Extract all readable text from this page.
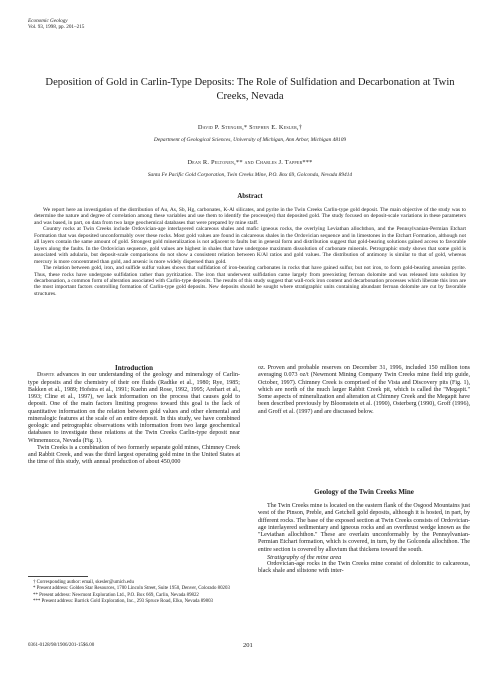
Economic Geology
Vol. 93, 1998, pp. 201–215
Deposition of Gold in Carlin-Type Deposits: The Role of Sulfidation and Decarbonation at Twin Creeks, Nevada
David P. Stenger,* Stephen E. Kesler,†
Department of Geological Sciences, University of Michigan, Ann Arbor, Michigan 48109
Dean R. Peltonen,** and Charles J. Tapper***
Santa Fe Pacific Gold Corporation, Twin Creeks Mine, P.O. Box 69, Golconda, Nevada 89414
Abstract

We report here an investigation of the distribution of Au, As, Sb, Hg, carbonates, K-Al silicates, and pyrite in the Twin Creeks Carlin-type gold deposit. The main objective of the study was to determine the nature and degree of correlation among these variables and use them to identify the process(es) that deposited gold. The study focused on deposit-scale variations in these parameters and was based, in part, on data from two large geochemical databases that were prepared by mine staff.

Country rocks at Twin Creeks include Ordovician-age interlayered calcareous shales and mafic igneous rocks, the overlying Leviathan allochthon, and the Pennsylvanian-Permian Etchart Formation that was deposited unconformably over these rocks. Most gold values are found in calcareous shales in the Ordovician sequence and in limestones in the Etchart Formation, although not all layers contain the same amount of gold. Strongest gold mineralization is not adjacent to faults but in general form and distribution suggest that gold-bearing solutions gained access to favorable layers along the faults. In the Ordovician sequence, gold values are highest in shales that have undergone maximum dissolution of carbonate minerals. Petrographic study shows that some gold is associated with adularia, but deposit-scale comparisons do not show a consistent relation between K/Al ratios and gold values. The distribution of antimony is similar to that of gold, whereas mercury is more concentrated than gold, and arsenic is more widely dispersed than gold.

The relation between gold, iron, and sulfide sulfur values shows that sulfidation of iron-bearing carbonates in rocks that have gained sulfur, but not iron, to form gold-bearing arsenian pyrite. Thus, these rocks have undergone sulfidation rather than pyritization. The iron that underwent sulfidation came largely from preexisting ferroan dolomite and was released into solution by decarbonation, a common form of alteration associated with Carlin-type deposits. The results of this study suggest that wall-rock iron content and decarbonation processes which liberate this iron are the most important factors controlling formation of Carlin-type gold deposits. New deposits should be sought where stratigraphic units containing abundant ferroan dolomite are cut by favorable structures.

Introduction

Despite advances in our understanding of the geology and mineralogy of Carlin-type deposits and the chemistry of their ore fluids (Radtke et al., 1980; Rye, 1985; Bakken et al., 1989; Hofstra et al., 1991; Kuehn and Rose, 1992, 1995; Arehart et al., 1993; Cline et al., 1997), we lack information on the process that causes gold to deposit. One of the main factors limiting progress toward this goal is the lack of quantitative information on the relation between gold values and other elemental and mineralogic features at the scale of an entire deposit. In this study, we have combined geologic and petrographic observations with information from two large geochemical databases to investigate these relations at the Twin Creeks Carlin-type deposit near Winnemucca, Nevada (Fig. 1).

Twin Creeks is a combination of two formerly separate gold mines, Chimney Creek and Rabbit Creek, and was the third largest operating gold mine in the United States at the time of this study, with annual production of about 450,000

oz. Proven and probable reserves on December 31, 1996, included 150 million tons averaging 0.073 oz/t (Newmont Mining Company Twin Creeks mine field trip guide, October, 1997). Chimney Creek is comprised of the Vista and Discovery pits (Fig. 1), which are north of the much larger Rabbit Creek pit, which is called the "Megapit." Some aspects of mineralization and alteration at Chimney Creek and the Megapit have been described previously by Bloomstein et al. (1990), Osterberg (1990), Groff (1996), and Groff et al. (1997) and are discussed below.

Geology of the Twin Creeks Mine

The Twin Creeks mine is located on the eastern flank of the Osgood Mountains just west of the Pinson, Preble, and Getchell gold deposits, although it is hosted, in part, by different rocks. The base of the exposed section at Twin Creeks consists of Ordovician-age interlayered sedimentary and igneous rocks and an overthrust wedge known as the "Leviathan allochthon." These are overlain unconformably by the Pennsylvanian-Permian Etchart formation, which is covered, in turn, by the Golconda allochthon. The entire section is covered by alluvium that thickens toward the south.

Stratigraphy of the mine area

Ordovician-age rocks in the Twin Creeks mine consist of dolomitic to calcareous, black shale and siltstone with inter-

† Corresponding author: email, skesler@umich.edu

* Present address: Golden Star Resources, 1700 Lincoln Street, Suite 1950, Denver, Colorado 80203

** Present address: Newmont Exploration Ltd., P.O. Box 669, Carlin, Nevada 89822

*** Present address: Barrick Gold Exploration, Inc., 293 Spruce Road, Elko, Nevada 89803

0361-0128/98/1906/201-15$6.00	201
